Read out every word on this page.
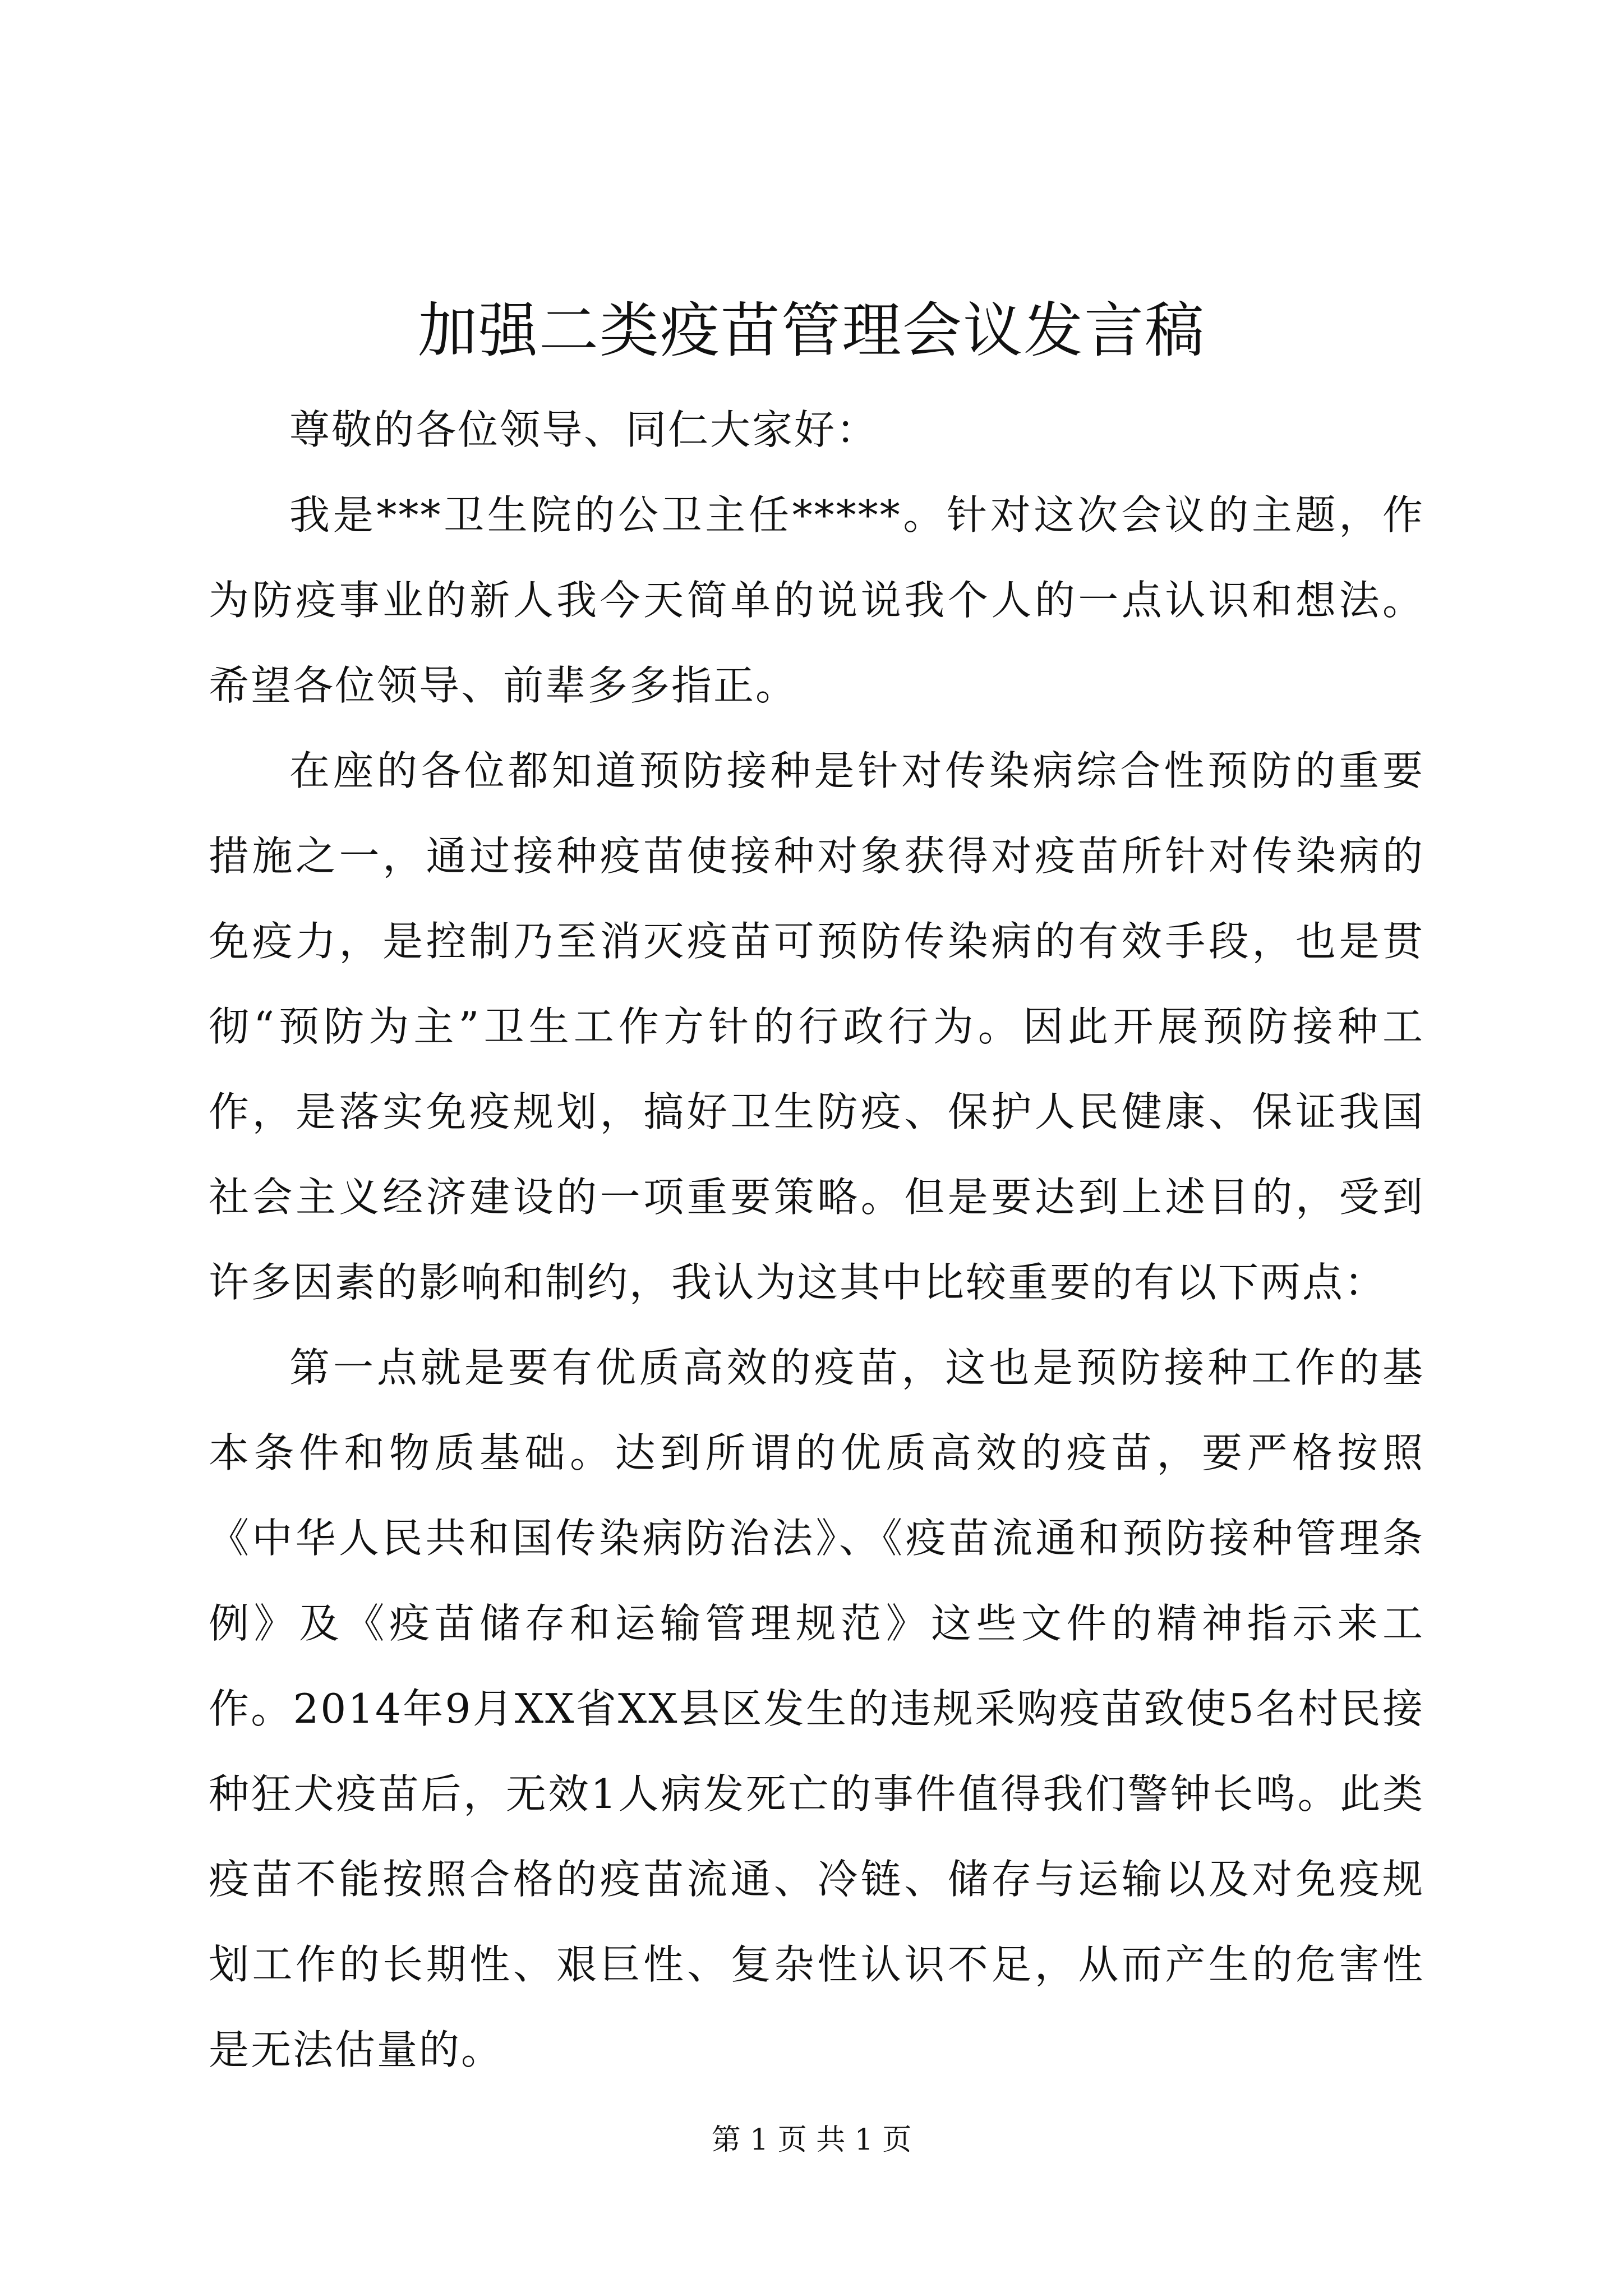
加强二类疫苗管理会议发言稿

尊敬的各位领导、同仁大家好：

我是***卫生院的公卫主任*****。针对这次会议的主题，作为防疫事业的新人我今天简单的说说我个人的一点认识和想法。希望各位领导、前辈多多指正。

在座的各位都知道预防接种是针对传染病综合性预防的重要措施之一，通过接种疫苗使接种对象获得对疫苗所针对传染病的免疫力，是控制乃至消灭疫苗可预防传染病的有效手段，也是贯彻“预防为主”卫生工作方针的行政行为。因此开展预防接种工作，是落实免疫规划，搞好卫生防疫、保护人民健康、保证我国社会主义经济建设的一项重要策略。但是要达到上述目的，受到许多因素的影响和制约，我认为这其中比较重要的有以下两点：

第一点就是要有优质高效的疫苗，这也是预防接种工作的基本条件和物质基础。达到所谓的优质高效的疫苗，要严格按照《中华人民共和国传染病防治法》、《疫苗流通和预防接种管理条例》及《疫苗储存和运输管理规范》这些文件的精神指示来工作。2014年9月XX省XX县区发生的违规采购疫苗致使5名村民接种狂犬疫苗后，无效1人病发死亡的事件值得我们警钟长鸣。此类疫苗不能按照合格的疫苗流通、冷链、储存与运输以及对免疫规划工作的长期性、艰巨性、复杂性认识不足，从而产生的危害性是无法估量的。

第 1 页 共 1 页
